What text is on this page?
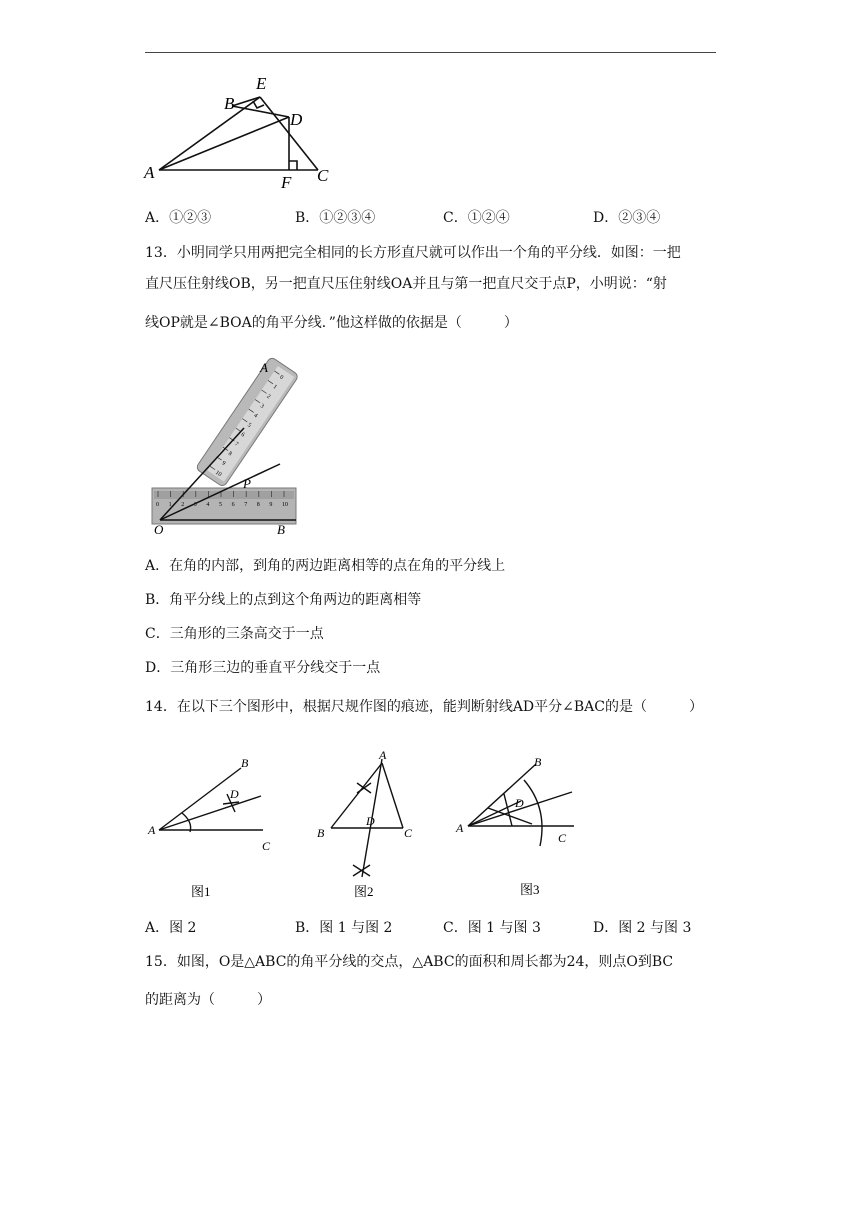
E
B
D
A
F C
A．①②③	B．①②③④	C．①②④	D．②③④
13．小明同学只用两把完全相同的长方形直尺就可以作出一个角的平分线．如图：一把
直尺压住射线OB，另一把直尺压住射线OA并且与第一把直尺交于点P，小明说：“射
线OP就是∠BOA的角平分线．”他这样做的依据是（　　　）
0
1
2
3
4
5
6
7
8
9
10
0 1 2 3 4 5 6 7 8 9 10
A
P
O	B
A．在角的内部，到角的两边距离相等的点在角的平分线上
B．角平分线上的点到这个角两边的距离相等
C．三角形的三条高交于一点
D．三角形三边的垂直平分线交于一点
14．在以下三个图形中，根据尺规作图的痕迹，能判断射线AD平分∠BAC的是（　　　）
B
D
A
C
图1
A
D
B	C
图2
B
D
A
C
图3
A．图 2	B．图 1 与图 2	C．图 1 与图 3	D．图 2 与图 3
15．如图，O是△ABC的角平分线的交点，△ABC的面积和周长都为24，则点O到BC
的距离为（　　　）
